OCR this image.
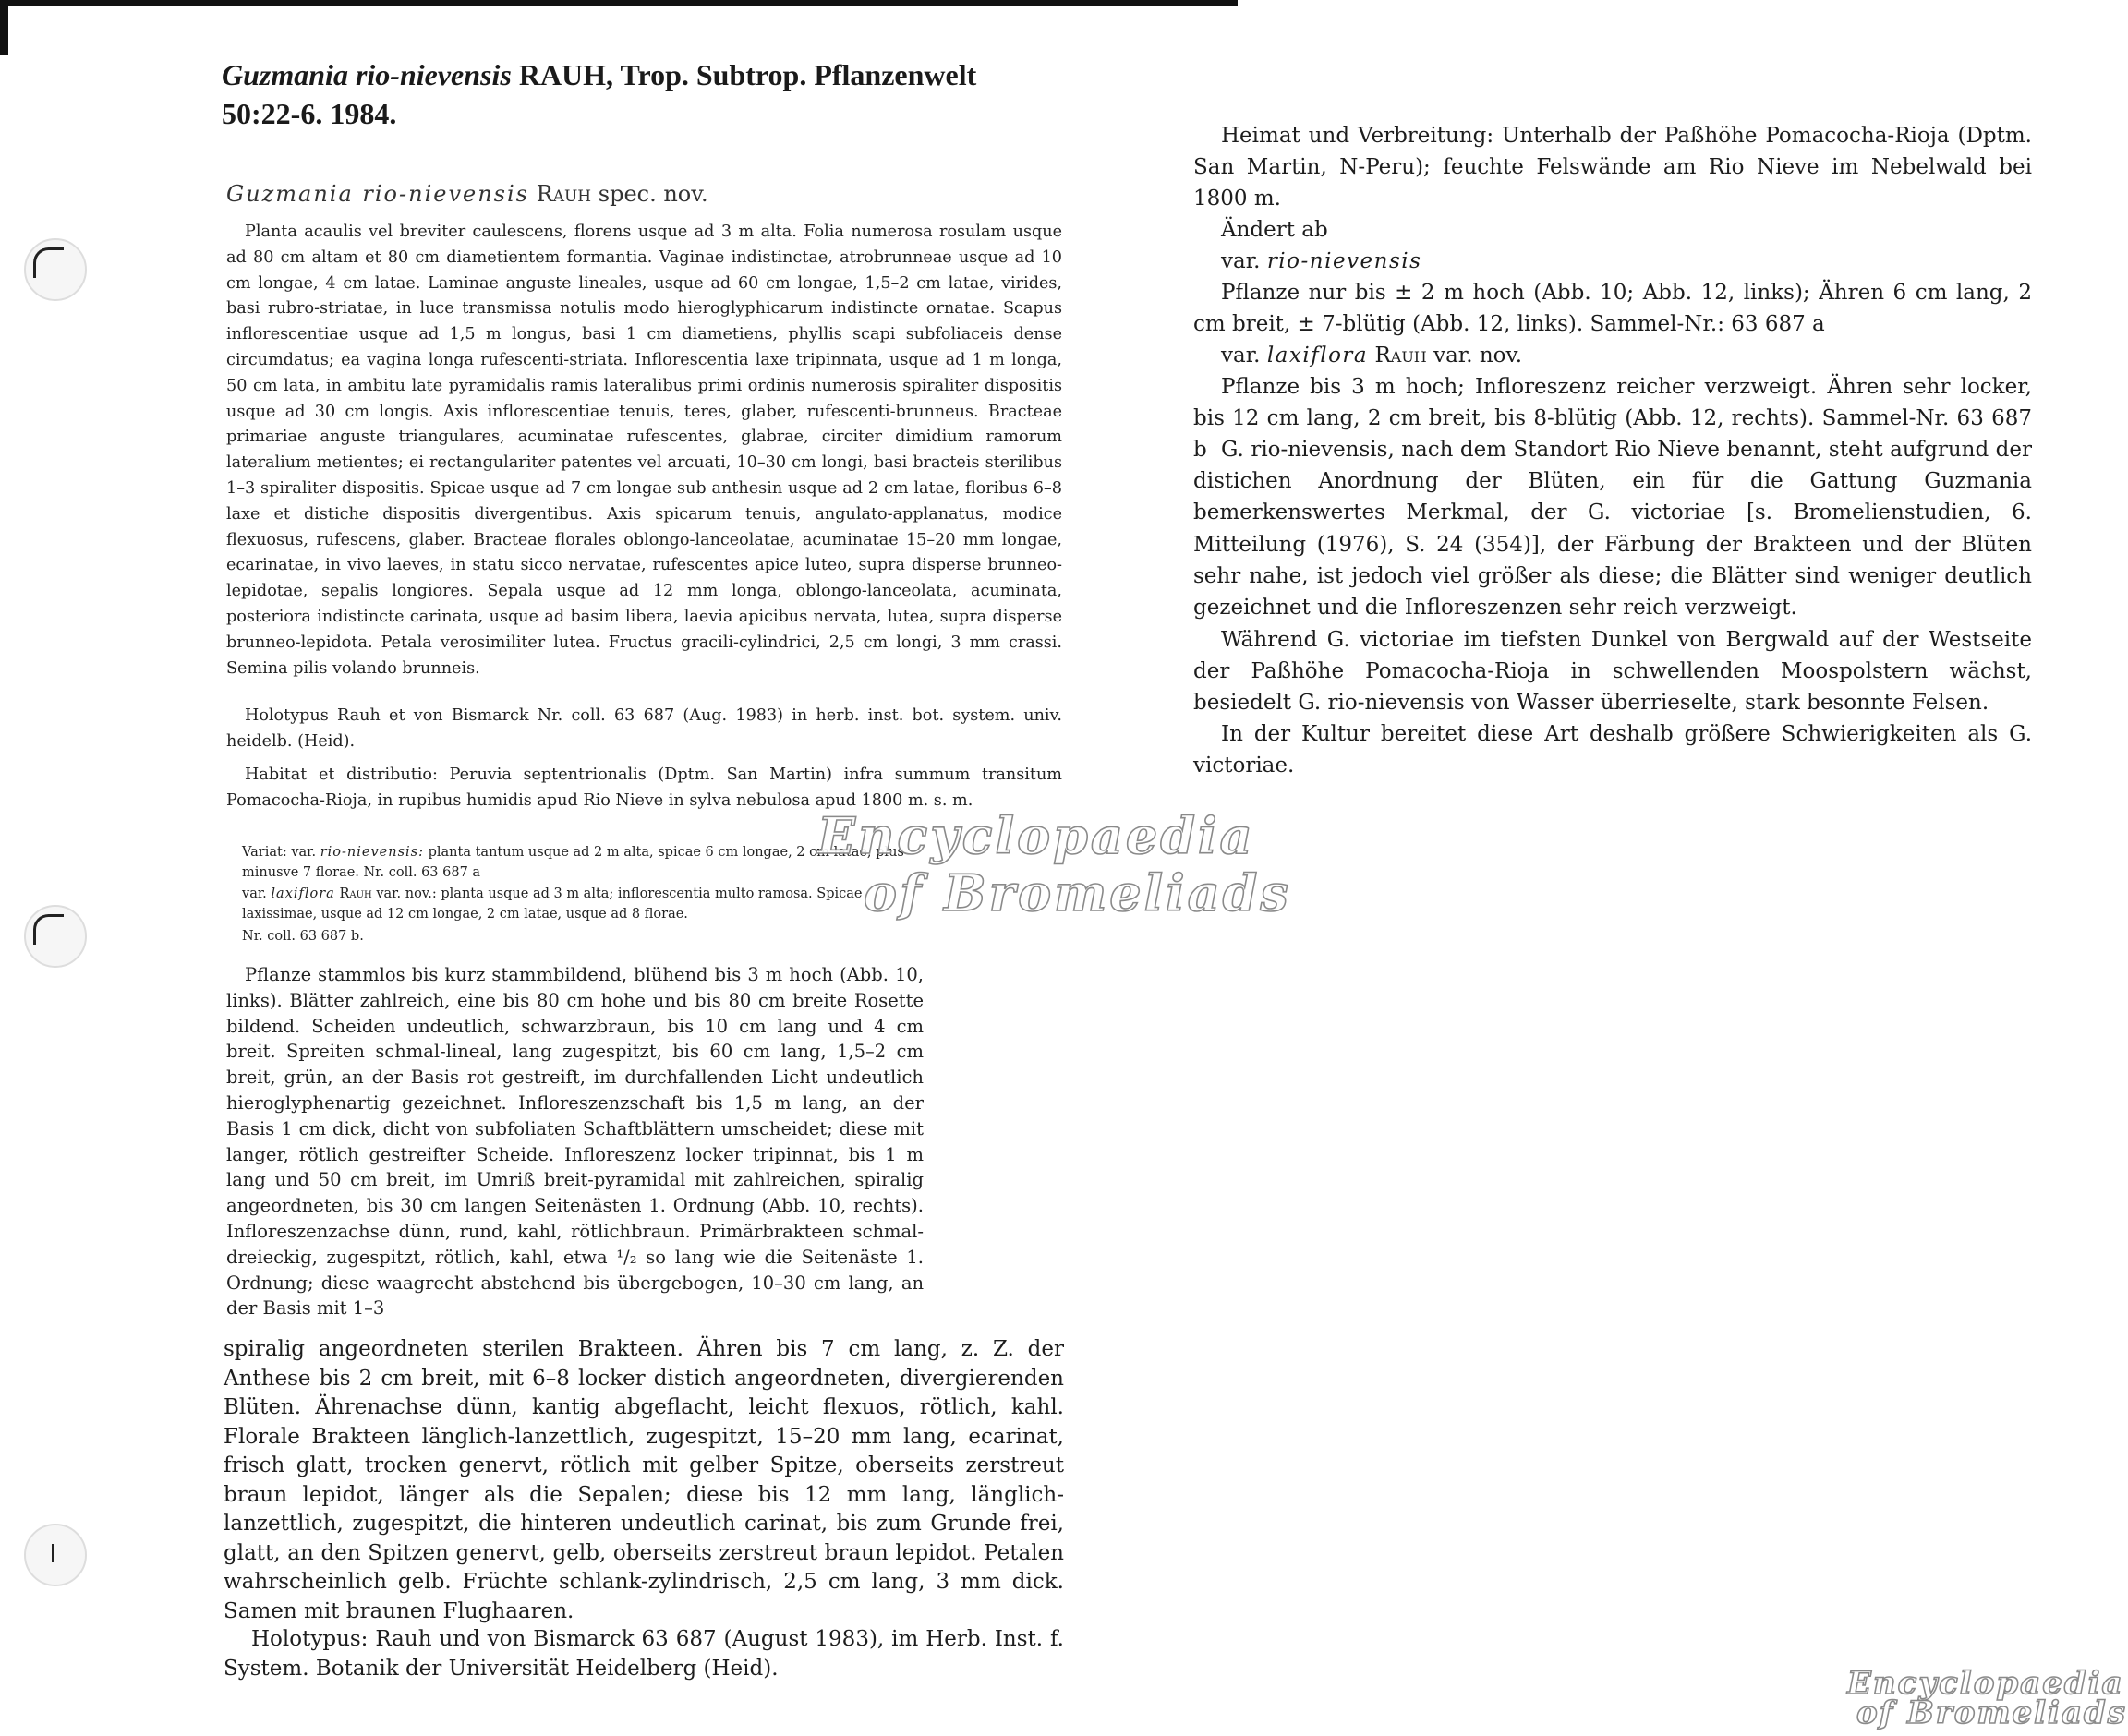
Guzmania rio-nievensis RAUH, Trop. Subtrop. Pflanzenwelt
50:22-6. 1984.
Guzmania rio-nievensis Rauh spec. nov.

Planta acaulis vel breviter caulescens, florens usque ad 3 m alta. Folia numerosa rosulam usque ad 80 cm altam et 80 cm diametientem formantia. Vaginae indistinctae, atrobrunneae usque ad 10 cm longae, 4 cm latae. Laminae anguste lineales, usque ad 60 cm longae, 1,5–2 cm latae, virides, basi rubro-striatae, in luce transmissa notulis modo hieroglyphicarum indistincte ornatae. Scapus inflorescentiae usque ad 1,5 m longus, basi 1 cm diametiens, phyllis scapi subfoliaceis dense circumdatus; ea vagina longa rufescenti-striata. Inflorescentia laxe tripinnata, usque ad 1 m longa, 50 cm lata, in ambitu late pyramidalis ramis lateralibus primi ordinis numerosis spiraliter dispositis usque ad 30 cm longis. Axis inflorescentiae tenuis, teres, glaber, rufescenti-brunneus. Bracteae primariae anguste triangulares, acuminatae rufescentes, glabrae, circiter dimidium ramorum lateralium metientes; ei rectangulariter patentes vel arcuati, 10–30 cm longi, basi bracteis sterilibus 1–3 spiraliter dispositis. Spicae usque ad 7 cm longae sub anthesin usque ad 2 cm latae, floribus 6–8 laxe et distiche dispositis divergentibus. Axis spicarum tenuis, angulato-applanatus, modice flexuosus, rufescens, glaber. Bracteae florales oblongo-lanceolatae, acuminatae 15–20 mm longae, ecarinatae, in vivo laeves, in statu sicco nervatae, rufescentes apice luteo, supra disperse brunneo-lepidotae, sepalis longiores. Sepala usque ad 12 mm longa, oblongo-lanceolata, acuminata, posteriora indistincte carinata, usque ad basim libera, laevia apicibus nervata, lutea, supra disperse brunneo-lepidota. Petala verosimiliter lutea. Fructus gracili-cylindrici, 2,5 cm longi, 3 mm crassi. Semina pilis volando brunneis.

Holotypus Rauh et von Bismarck Nr. coll. 63 687 (Aug. 1983) in herb. inst. bot. system. univ. heidelb. (Heid).

Habitat et distributio: Peruvia septentrionalis (Dptm. San Martin) infra summum transitum Pomacocha-Rioja, in rupibus humidis apud Rio Nieve in sylva nebulosa apud 1800 m. s. m.

Variat: var. rio-nievensis: planta tantum usque ad 2 m alta, spicae 6 cm longae, 2 cm latae, plus minusve 7 florae. Nr. coll. 63 687 a

var. laxiflora Rauh var. nov.: planta usque ad 3 m alta; inflorescentia multo ramosa. Spicae laxissimae, usque ad 12 cm longae, 2 cm latae, usque ad 8 florae.

Nr. coll. 63 687 b.

Pflanze stammlos bis kurz stammbildend, blühend bis 3 m hoch (Abb. 10, links). Blätter zahlreich, eine bis 80 cm hohe und bis 80 cm breite Rosette bildend. Scheiden undeutlich, schwarzbraun, bis 10 cm lang und 4 cm breit. Spreiten schmal-lineal, lang zugespitzt, bis 60 cm lang, 1,5–2 cm breit, grün, an der Basis rot gestreift, im durchfallenden Licht undeutlich hieroglyphenartig gezeichnet. Infloreszenzschaft bis 1,5 m lang, an der Basis 1 cm dick, dicht von subfoliaten Schaftblättern umscheidet; diese mit langer, rötlich gestreifter Scheide. Infloreszenz locker tripinnat, bis 1 m lang und 50 cm breit, im Umriß breit-pyramidal mit zahlreichen, spiralig angeordneten, bis 30 cm langen Seitenästen 1. Ordnung (Abb. 10, rechts). Infloreszenzachse dünn, rund, kahl, rötlichbraun. Primärbrakteen schmal-dreieckig, zugespitzt, rötlich, kahl, etwa ¹/₂ so lang wie die Seitenäste 1. Ordnung; diese waagrecht abstehend bis übergebogen, 10–30 cm lang, an der Basis mit 1–3

spiralig angeordneten sterilen Brakteen. Ähren bis 7 cm lang, z. Z. der Anthese bis 2 cm breit, mit 6–8 locker distich angeordneten, divergierenden Blüten. Ährenachse dünn, kantig abgeflacht, leicht flexuos, rötlich, kahl. Florale Brakteen länglich-lanzettlich, zugespitzt, 15–20 mm lang, ecarinat, frisch glatt, trocken genervt, rötlich mit gelber Spitze, oberseits zerstreut braun lepidot, länger als die Sepalen; diese bis 12 mm lang, länglich-lanzettlich, zugespitzt, die hinteren undeutlich carinat, bis zum Grunde frei, glatt, an den Spitzen genervt, gelb, oberseits zerstreut braun lepidot. Petalen wahrscheinlich gelb. Früchte schlank-zylindrisch, 2,5 cm lang, 3 mm dick. Samen mit braunen Flughaaren.

Holotypus: Rauh und von Bismarck 63 687 (August 1983), im Herb. Inst. f. System. Botanik der Universität Heidelberg (Heid).

Heimat und Verbreitung: Unterhalb der Paßhöhe Pomacocha-Rioja (Dptm. San Martin, N-Peru); feuchte Felswände am Rio Nieve im Nebelwald bei 1800 m.

Ändert ab

var. rio-nievensis

Pflanze nur bis ± 2 m hoch (Abb. 10; Abb. 12, links); Ähren 6 cm lang, 2 cm breit, ± 7-blütig (Abb. 12, links). Sammel-Nr.: 63 687 a

var. laxiflora Rauh var. nov.

Pflanze bis 3 m hoch; Infloreszenz reicher verzweigt. Ähren sehr locker, bis 12 cm lang, 2 cm breit, bis 8-blütig (Abb. 12, rechts). Sammel-Nr. 63 687 b G. rio-nievensis, nach dem Standort Rio Nieve benannt, steht aufgrund der distichen Anordnung der Blüten, ein für die Gattung Guzmania bemerkenswertes Merkmal, der G. victoriae [s. Bromelienstudien, 6. Mitteilung (1976), S. 24 (354)], der Färbung der Brakteen und der Blüten sehr nahe, ist jedoch viel größer als diese; die Blätter sind weniger deutlich gezeichnet und die Infloreszenzen sehr reich verzweigt.

Während G. victoriae im tiefsten Dunkel von Bergwald auf der Westseite der Paßhöhe Pomacocha-Rioja in schwellenden Moospolstern wächst, besiedelt G. rio-nievensis von Wasser überrieselte, stark besonnte Felsen.

In der Kultur bereitet diese Art deshalb größere Schwierigkeiten als G. victoriae.

Encyclopaedia
of Bromeliads
Encyclopaedia
of Bromeliads
